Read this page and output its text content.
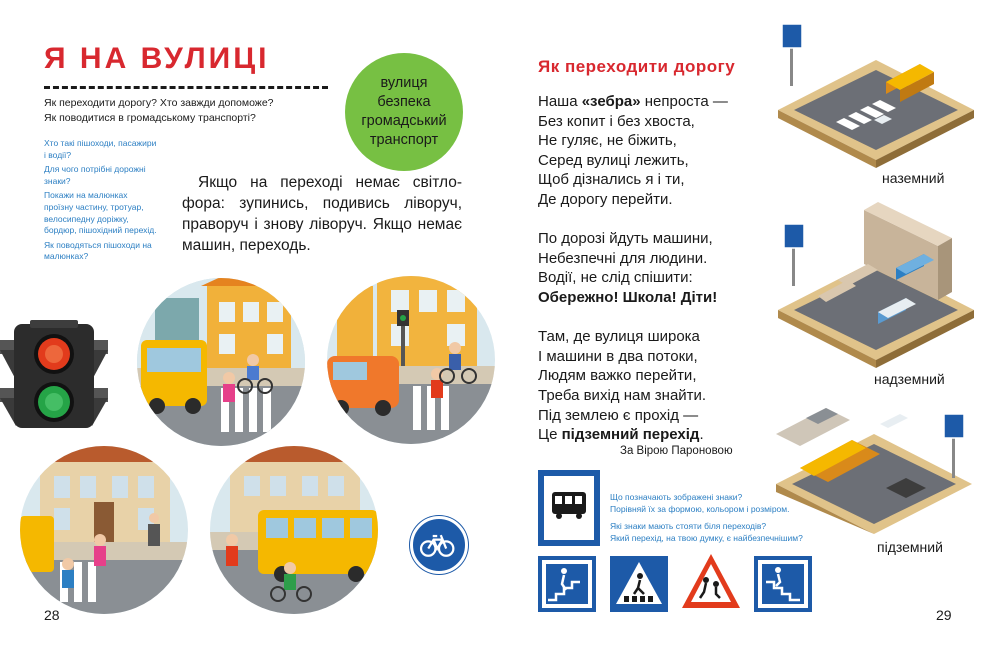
Я НА ВУЛИЦІ

Як переходити дорогу? Хто завжди допоможе?

Як поводитися в громадському транспорті?

Хто такі пішоходи, пасажири і водії?

Для чого потрібні дорожні знаки?

Покажи на малюнках проїзну частину, тротуар, велосипедну доріжку, бордюр, пішохідний перехід.

Як поводяться пішоходи на малюнках?

вулиця
безпека
громадський
транспорт

Якщо на переході немає світло-фора: зупинись, подивись ліворуч, праворуч і знову ліворуч. Якщо немає машин, переходь.

28
Як переходити дорогу
Наша «зебра» непроста —
Без копит і без хвоста,
Не гуляє, не біжить,
Серед вулиці лежить,
Щоб дізнались я і ти,
Де дорогу перейти.
По дорозі йдуть машини,
Небезпечні для людини.
Водії, не слід спішити:
Обережно! Школа! Діти!
Там, де вулиця широка
І машини в два потоки,
Людям важко перейти,
Треба вихід нам знайти.
Під землею є прохід —
Це підземний перехід.
За Вірою Пароновою
наземний
надземний
підземний

Що позначають зображені знаки?
Порівняй їх за формою, кольором і розміром.

Які знаки мають стояти біля переходів?
Який перехід, на твою думку, є найбезпечнішим?

29
